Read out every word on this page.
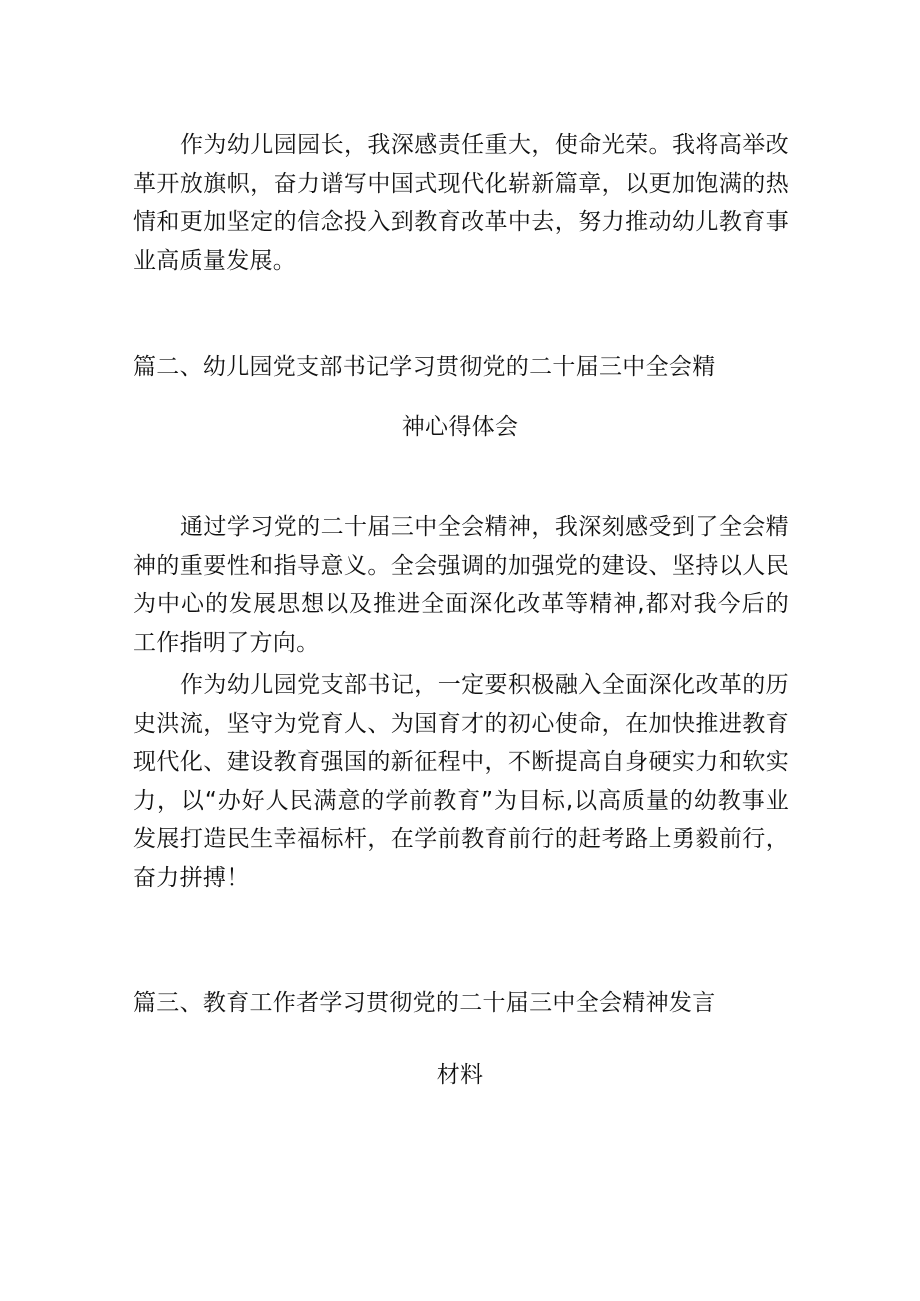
作为幼儿园园长，我深感责任重大，使命光荣。我将高举改革开放旗帜，奋力谱写中国式现代化崭新篇章，以更加饱满的热情和更加坚定的信念投入到教育改革中去，努力推动幼儿教育事业高质量发展。
篇二、幼儿园党支部书记学习贯彻党的二十届三中全会精
神心得体会
通过学习党的二十届三中全会精神，我深刻感受到了全会精神的重要性和指导意义。全会强调的加强党的建设、坚持以人民为中心的发展思想以及推进全面深化改革等精神,都对我今后的工作指明了方向。
作为幼儿园党支部书记，一定要积极融入全面深化改革的历史洪流，坚守为党育人、为国育才的初心使命，在加快推进教育现代化、建设教育强国的新征程中，不断提高自身硬实力和软实力，以“办好人民满意的学前教育”为目标,以高质量的幼教事业发展打造民生幸福标杆，在学前教育前行的赶考路上勇毅前行，奋力拼搏！
篇三、教育工作者学习贯彻党的二十届三中全会精神发言
材料
